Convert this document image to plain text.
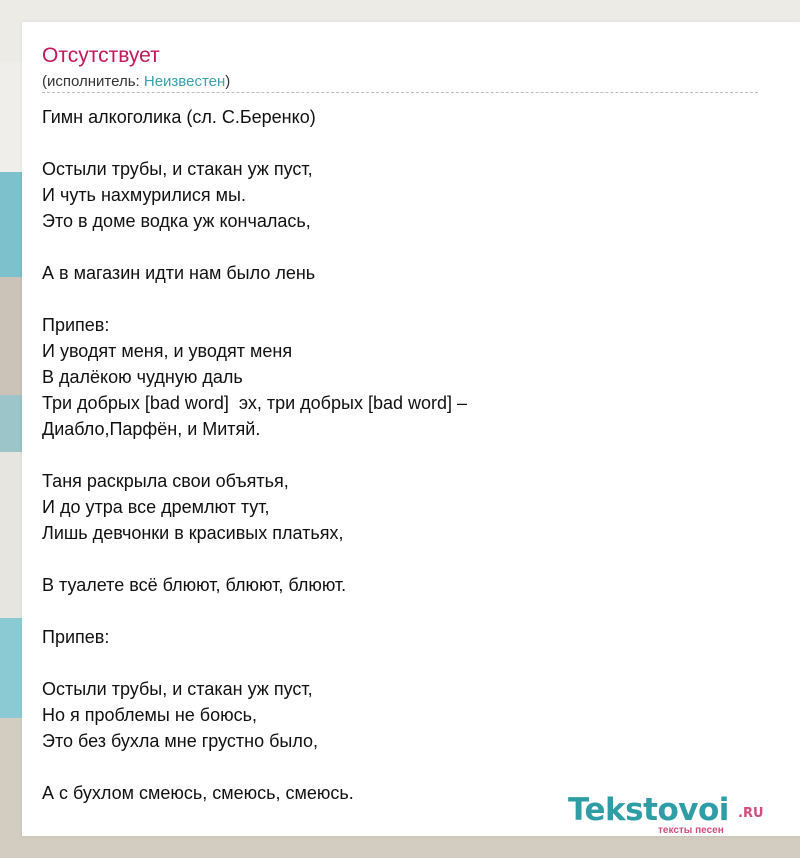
Отсутствует
(исполнитель: Неизвестен)
Гимн алкоголика (сл. С.Беренко)
Остыли трубы, и стакан уж пуст,
И чуть нахмурилися мы.
Это в доме водка уж кончалась,
А в магазин идти нам было лень
Припев:
И уводят меня, и уводят меня
В далёкою чудную даль
Три добрых [bad word]  эх, три добрых [bad word] –
Диабло,Парфён, и Митяй.
Таня раскрыла свои объятья,
И до утра все дремлют тут,
Лишь девчонки в красивых платьях,
В туалете всё блюют, блюют, блюют.
Припев:
Остыли трубы, и стакан уж пуст,
Но я проблемы не боюсь,
Это без бухла мне грустно было,
А с бухлом смеюсь, смеюсь, смеюсь.	Tekstovoi .RU
тексты песен
